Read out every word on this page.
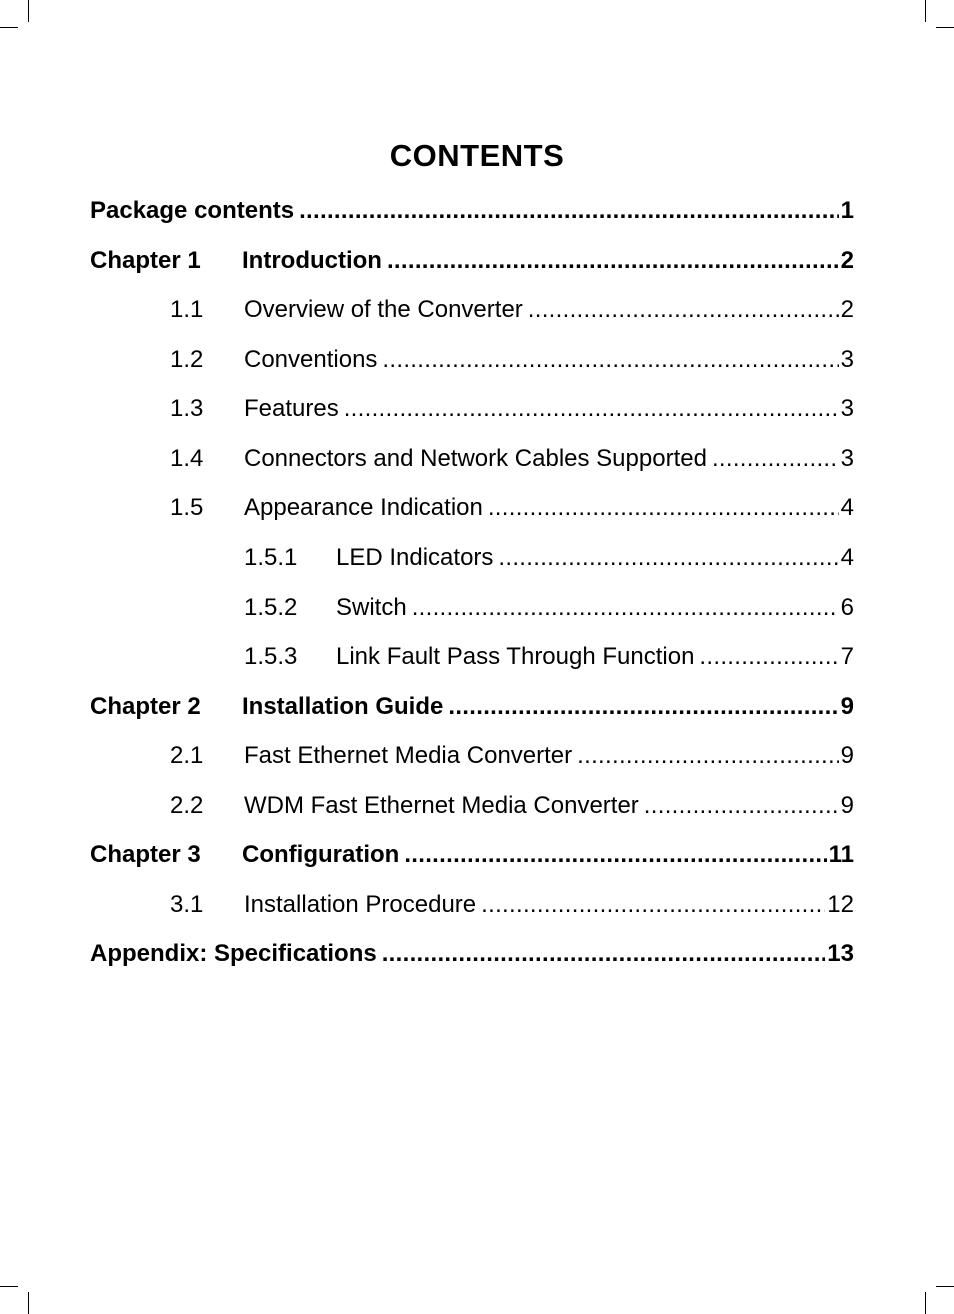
CONTENTS
Package contents .....	1
Chapter 1	Introduction .....	2
1.1	Overview of the Converter .....	2
1.2	Conventions .....	3
1.3	Features .....	3
1.4	Connectors and Network Cables Supported .....	3
1.5	Appearance Indication .....	4
1.5.1	LED Indicators .....	4
1.5.2	Switch .....	6
1.5.3	Link Fault Pass Through Function .....	7
Chapter 2	Installation Guide .....	9
2.1	Fast Ethernet Media Converter .....	9
2.2	WDM Fast Ethernet Media Converter .....	9
Chapter 3	Configuration .....	11
3.1	Installation Procedure .....	12
Appendix: Specifications .....	13
